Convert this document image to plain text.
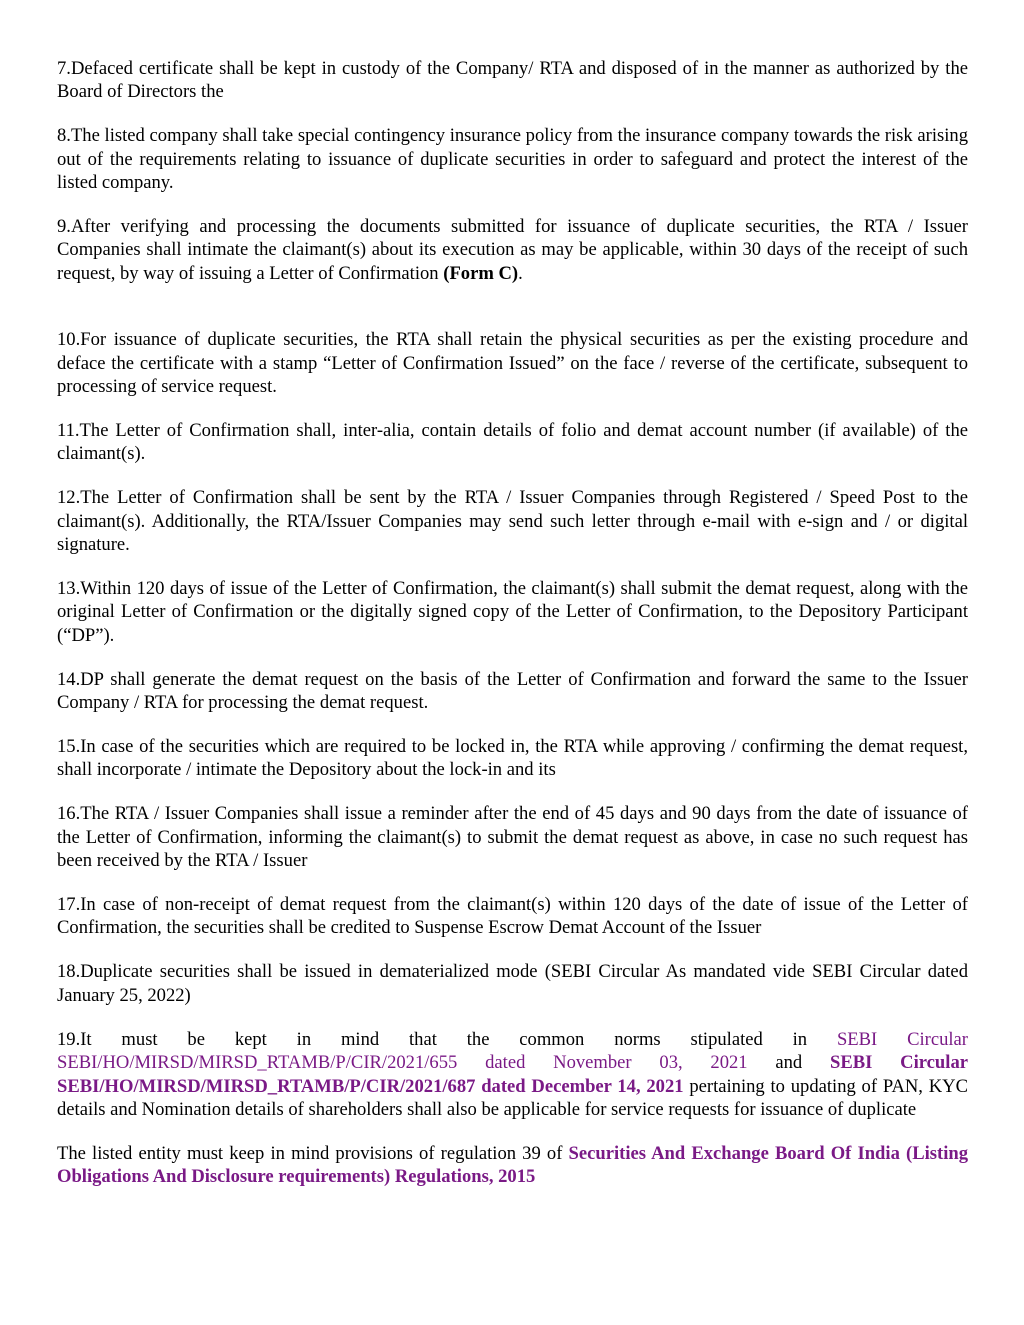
7.Defaced certificate shall be kept in custody of the Company/ RTA and disposed of in the manner as authorized by the Board of Directors the

8.The listed company shall take special contingency insurance policy from the insurance company towards the risk arising out of the requirements relating to issuance of duplicate securities in order to safeguard and protect the interest of the listed company.

9.After verifying and processing the documents submitted for issuance of duplicate securities, the RTA / Issuer Companies shall intimate the claimant(s) about its execution as may be applicable, within 30 days of the receipt of such request, by way of issuing a Letter of Confirmation (Form C).

10.For issuance of duplicate securities, the RTA shall retain the physical securities as per the existing procedure and deface the certificate with a stamp “Letter of Confirmation Issued” on the face / reverse of the certificate, subsequent to processing of service request.

11.The Letter of Confirmation shall, inter-alia, contain details of folio and demat account number (if available) of the claimant(s).

12.The Letter of Confirmation shall be sent by the RTA / Issuer Companies through Registered / Speed Post to the claimant(s). Additionally, the RTA/Issuer Companies may send such letter through e-mail with e-sign and / or digital signature.

13.Within 120 days of issue of the Letter of Confirmation, the claimant(s) shall submit the demat request, along with the original Letter of Confirmation or the digitally signed copy of the Letter of Confirmation, to the Depository Participant (“DP”).

14.DP shall generate the demat request on the basis of the Letter of Confirmation and forward the same to the Issuer Company / RTA for processing the demat request.

15.In case of the securities which are required to be locked in, the RTA while approving / confirming the demat request, shall incorporate / intimate the Depository about the lock-in and its

16.The RTA / Issuer Companies shall issue a reminder after the end of 45 days and 90 days from the date of issuance of the Letter of Confirmation, informing the claimant(s) to submit the demat request as above, in case no such request has been received by the RTA / Issuer

17.In case of non-receipt of demat request from the claimant(s) within 120 days of the date of issue of the Letter of Confirmation, the securities shall be credited to Suspense Escrow Demat Account of the Issuer

18.Duplicate securities shall be issued in dematerialized mode (SEBI Circular As mandated vide SEBI Circular dated January 25, 2022)

19.It must be kept in mind that the common norms stipulated in SEBI Circular SEBI/HO/MIRSD/MIRSD_RTAMB/P/CIR/2021/655 dated November 03, 2021 and SEBI Circular SEBI/HO/MIRSD/MIRSD_RTAMB/P/CIR/2021/687 dated December 14, 2021 pertaining to updating of PAN, KYC details and Nomination details of shareholders shall also be applicable for service requests for issuance of duplicate

The listed entity must keep in mind provisions of regulation 39 of Securities And Exchange Board Of India (Listing Obligations And Disclosure requirements) Regulations, 2015
